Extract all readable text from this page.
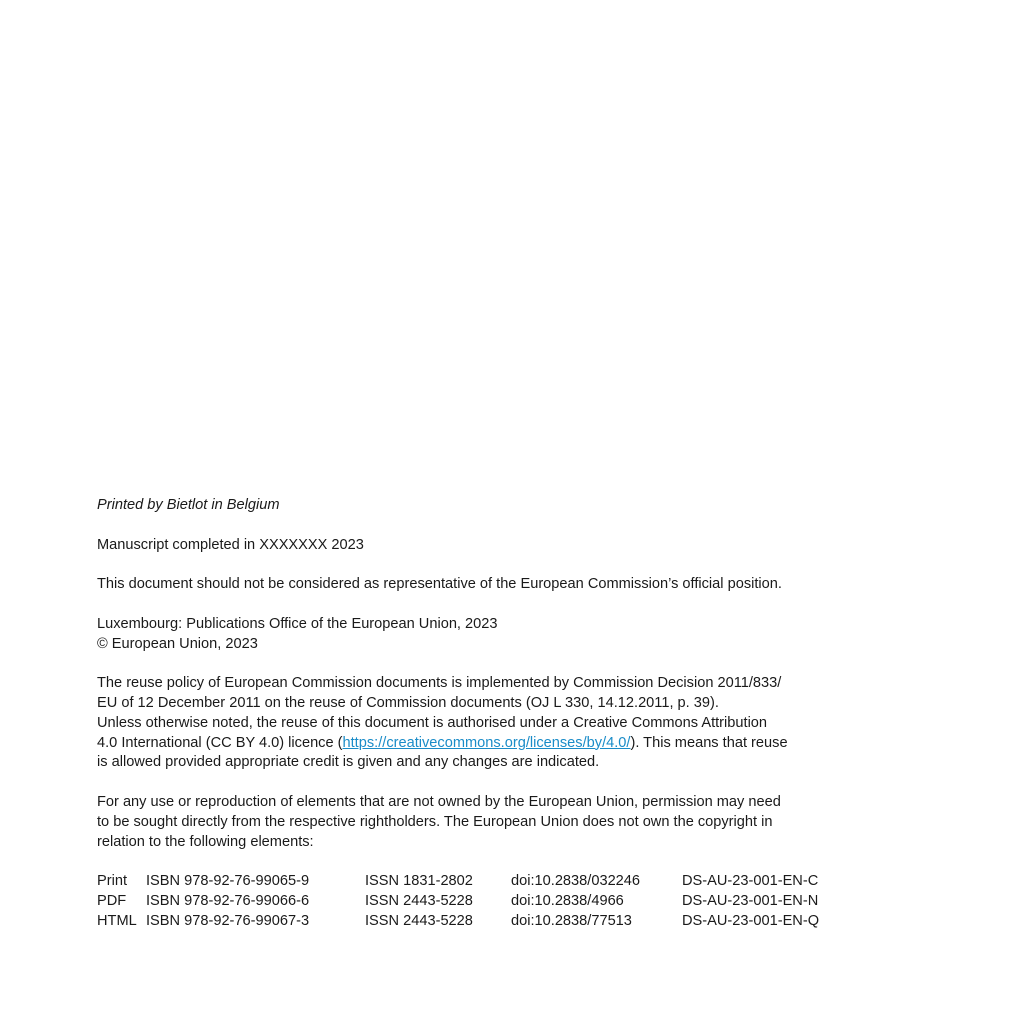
Printed by Bietlot in Belgium
Manuscript completed in XXXXXXX 2023
This document should not be considered as representative of the European Commission’s official position.
Luxembourg: Publications Office of the European Union, 2023
© European Union, 2023
The reuse policy of European Commission documents is implemented by Commission Decision 2011/833/
EU of 12 December 2011 on the reuse of Commission documents (OJ L 330, 14.12.2011, p. 39).
Unless otherwise noted, the reuse of this document is authorised under a Creative Commons Attribution
4.0 International (CC BY 4.0) licence (https://creativecommons.org/licenses/by/4.0/). This means that reuse
is allowed provided appropriate credit is given and any changes are indicated.
For any use or reproduction of elements that are not owned by the European Union, permission may need
to be sought directly from the respective rightholders. The European Union does not own the copyright in
relation to the following elements:
Print	ISBN 978-92-76-99065-9	ISSN 1831-2802	doi:10.2838/032246	DS-AU-23-001-EN-C
PDF	ISBN 978-92-76-99066-6	ISSN 2443-5228	doi:10.2838/4966	DS-AU-23-001-EN-N
HTML	ISBN 978-92-76-99067-3	ISSN 2443-5228	doi:10.2838/77513	DS-AU-23-001-EN-Q
